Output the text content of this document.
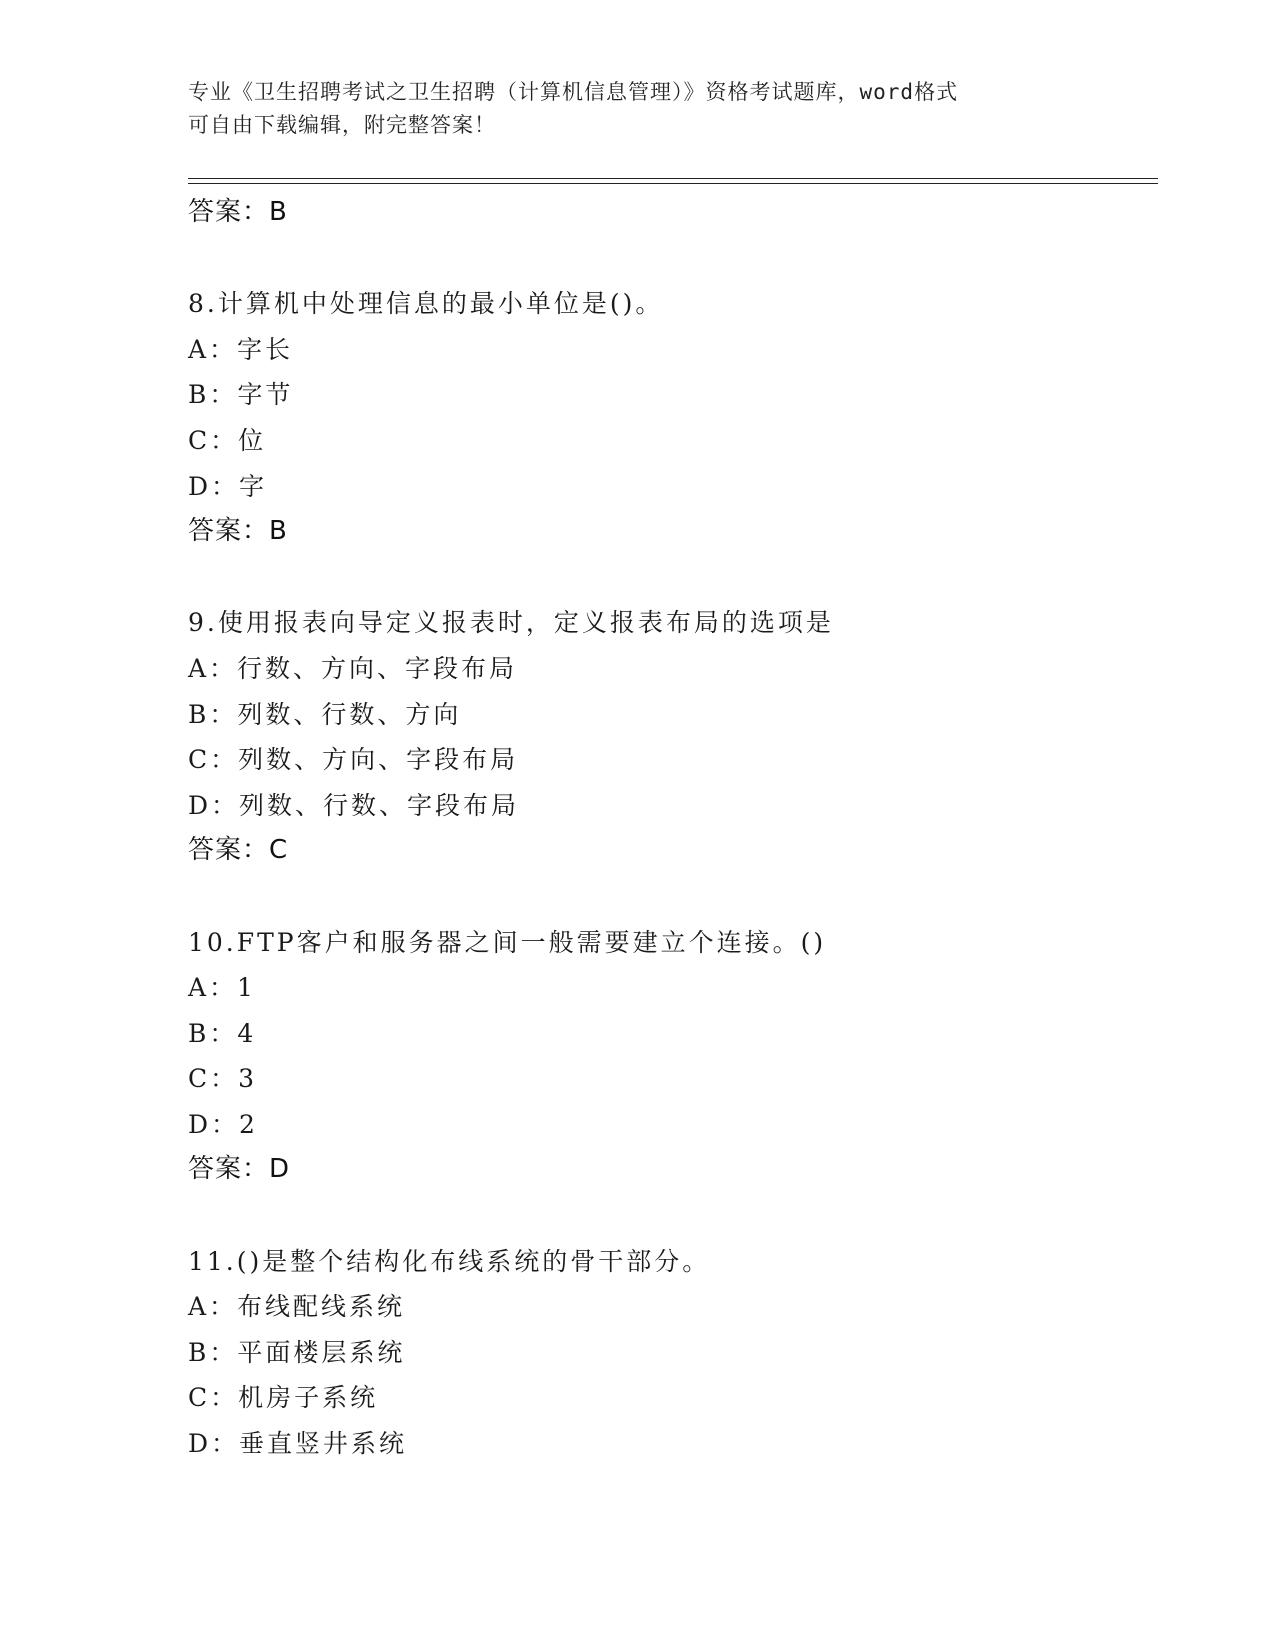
专业《卫生招聘考试之卫生招聘（计算机信息管理）》资格考试题库，word格式
可自由下载编辑，附完整答案！
答案：B
8.计算机中处理信息的最小单位是()。
A：字长
B：字节
C：位
D：字
答案：B
9.使用报表向导定义报表时，定义报表布局的选项是
A：行数、方向、字段布局
B：列数、行数、方向
C：列数、方向、字段布局
D：列数、行数、字段布局
答案：C
10.FTP客户和服务器之间一般需要建立个连接。()
A：1
B：4
C：3
D：2
答案：D
11.()是整个结构化布线系统的骨干部分。
A：布线配线系统
B：平面楼层系统
C：机房子系统
D：垂直竖井系统
